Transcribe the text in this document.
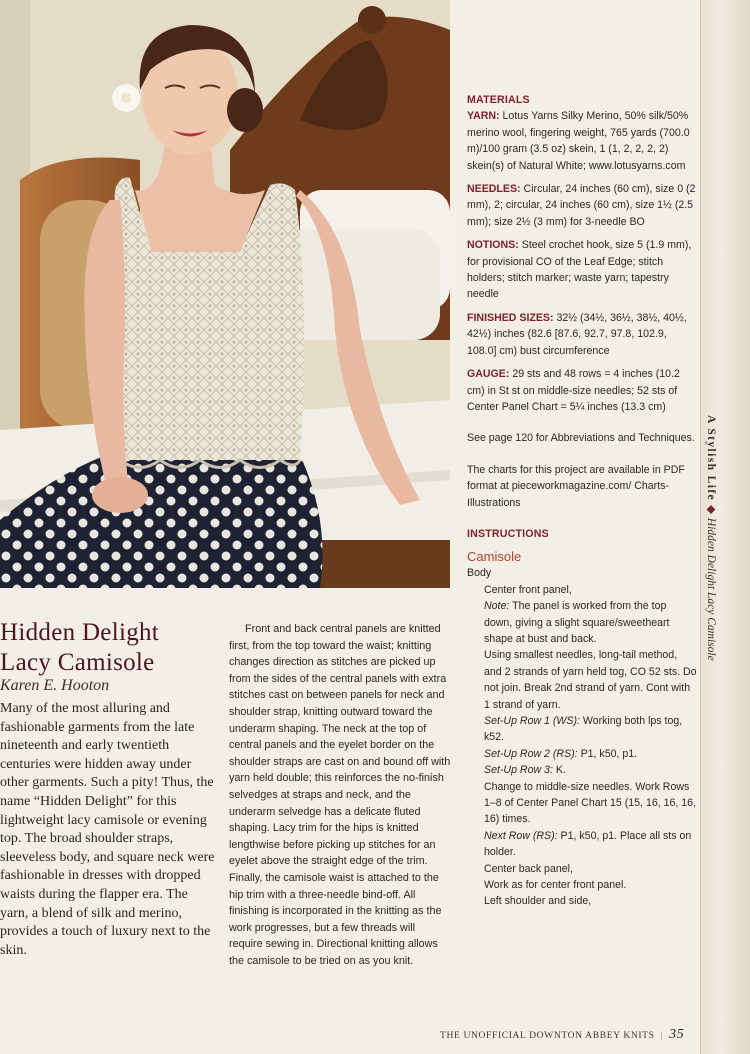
A Stylish Life◆Hidden Delight Lacy Camisole
MATERIALS

YARN: Lotus Yarns Silky Merino, 50% silk/50% merino wool, fingering weight, 765 yards (700.0 m)/100 gram (3.5 oz) skein, 1 (1, 2, 2, 2, 2) skein(s) of Natural White; www.lotusyarns.com

NEEDLES: Circular, 24 inches (60 cm), size 0 (2 mm), 2; circular, 24 inches (60 cm), size 1½ (2.5 mm); size 2½ (3 mm) for 3-needle BO

NOTIONS: Steel crochet hook, size 5 (1.9 mm), for provisional CO of the Leaf Edge; stitch holders; stitch marker; waste yarn; tapestry needle

FINISHED SIZES: 32½ (34½, 36½, 38½, 40½, 42½) inches (82.6 [87.6, 92.7, 97.8, 102.9, 108.0] cm) bust circumference

GAUGE: 29 sts and 48 rows = 4 inches (10.2 cm) in St st on middle-size needles; 52 sts of Center Panel Chart = 5¼ inches (13.3 cm)

See page 120 for Abbreviations and Techniques.

The charts for this project are available in PDF format at pieceworkmagazine.com/ Charts-Illustrations

INSTRUCTIONS
Camisole
Body
Center front panel,
Note: The panel is worked from the top down, giving a slight square/sweetheart shape at bust and back.
Using smallest needles, long-tail method, and 2 strands of yarn held tog, CO 52 sts. Do not join. Break 2nd strand of yarn. Cont with 1 strand of yarn.
Set-Up Row 1 (WS): Working both lps tog, k52.
Set-Up Row 2 (RS): P1, k50, p1.
Set-Up Row 3: K.
Change to middle-size needles. Work Rows 1–8 of Center Panel Chart 15 (15, 16, 16, 16, 16) times.
Next Row (RS): P1, k50, p1. Place all sts on holder.
Center back panel,
Work as for center front panel.
Left shoulder and side,
Hidden Delight
Lacy Camisole
Karen E. Hooton

Many of the most alluring and fashionable garments from the late nineteenth and early twentieth centuries were hidden away under other garments. Such a pity! Thus, the name “Hidden Delight” for this lightweight lacy camisole or evening top. The broad shoulder straps, sleeveless body, and square neck were fashionable in dresses with dropped waists during the flapper era. The yarn, a blend of silk and merino, provides a touch of luxury next to the skin.

Front and back central panels are knitted first, from the top toward the waist; knitting changes direction as stitches are picked up from the sides of the central panels with extra stitches cast on between panels for neck and shoulder strap, knitting outward toward the underarm shaping. The neck at the top of central panels and the eyelet border on the shoulder straps are cast on and bound off with yarn held double; this reinforces the no-finish selvedges at straps and neck, and the underarm selvedge has a delicate fluted shaping. Lacy trim for the hips is knitted lengthwise before picking up stitches for an eyelet above the straight edge of the trim. Finally, the camisole waist is attached to the hip trim with a three-needle bind-off. All finishing is incorporated in the knitting as the work progresses, but a few threads will require sewing in. Directional knitting allows the camisole to be tried on as you knit.

THE UNOFFICIAL DOWNTON ABBEY KNITS | 35
